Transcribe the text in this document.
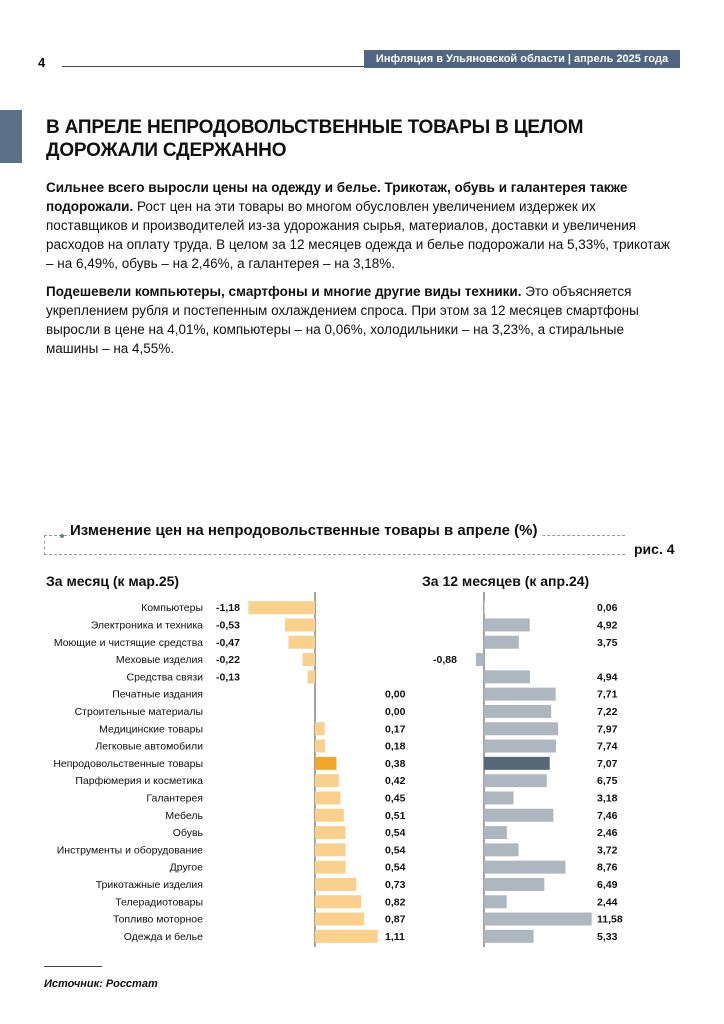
4	Инфляция в Ульяновской области | апрель 2025 года
В АПРЕЛЕ НЕПРОДОВОЛЬСТВЕННЫЕ ТОВАРЫ В ЦЕЛОМ ДОРОЖАЛИ СДЕРЖАННО
Сильнее всего выросли цены на одежду и белье. Трикотаж, обувь и галантерея также подорожали. Рост цен на эти товары во многом обусловлен увеличением издержек их поставщиков и производителей из-за удорожания сырья, материалов, доставки и увеличения расходов на оплату труда. В целом за 12 месяцев одежда и белье подорожали на 5,33%, трикотаж – на 6,49%, обувь – на 2,46%, а галантерея – на 3,18%.
Подешевели компьютеры, смартфоны и многие другие виды техники. Это объясняется укреплением рубля и постепенным охлаждением спроса. При этом за 12 месяцев смартфоны выросли в цене на 4,01%, компьютеры – на 0,06%, холодильники – на 3,23%, а стиральные машины – на 4,55%.
Изменение цен на непродовольственные товары в апреле (%)
рис. 4
За месяц (к мар.25)	За 12 месяцев (к апр.24)
Компьютеры
Электроника и техника
Моющие и чистящие средства
Меховые изделия
Средства связи
Печатные издания
Строительные материалы
Медицинские товары
Легковые автомобили
Непродовольственные товары
Парфюмерия и косметика
Галантерея
Мебель
Обувь
Инструменты и оборудование
Другое
Трикотажные изделия
Телерадиотовары
Топливо моторное
Одежда и белье
-1,18
-0,53
-0,47
-0,22
-0,13
0,00
0,00
0,17
0,18
0,38
0,42
0,45
0,51
0,54
0,54
0,54
0,73
0,82
0,87
1,11
0,06
4,92
3,75
-0,88
4,94
7,71
7,22
7,97
7,74
7,07
6,75
3,18
7,46
2,46
3,72
8,76
6,49
2,44
11,58
5,33
Источник: Росстат
